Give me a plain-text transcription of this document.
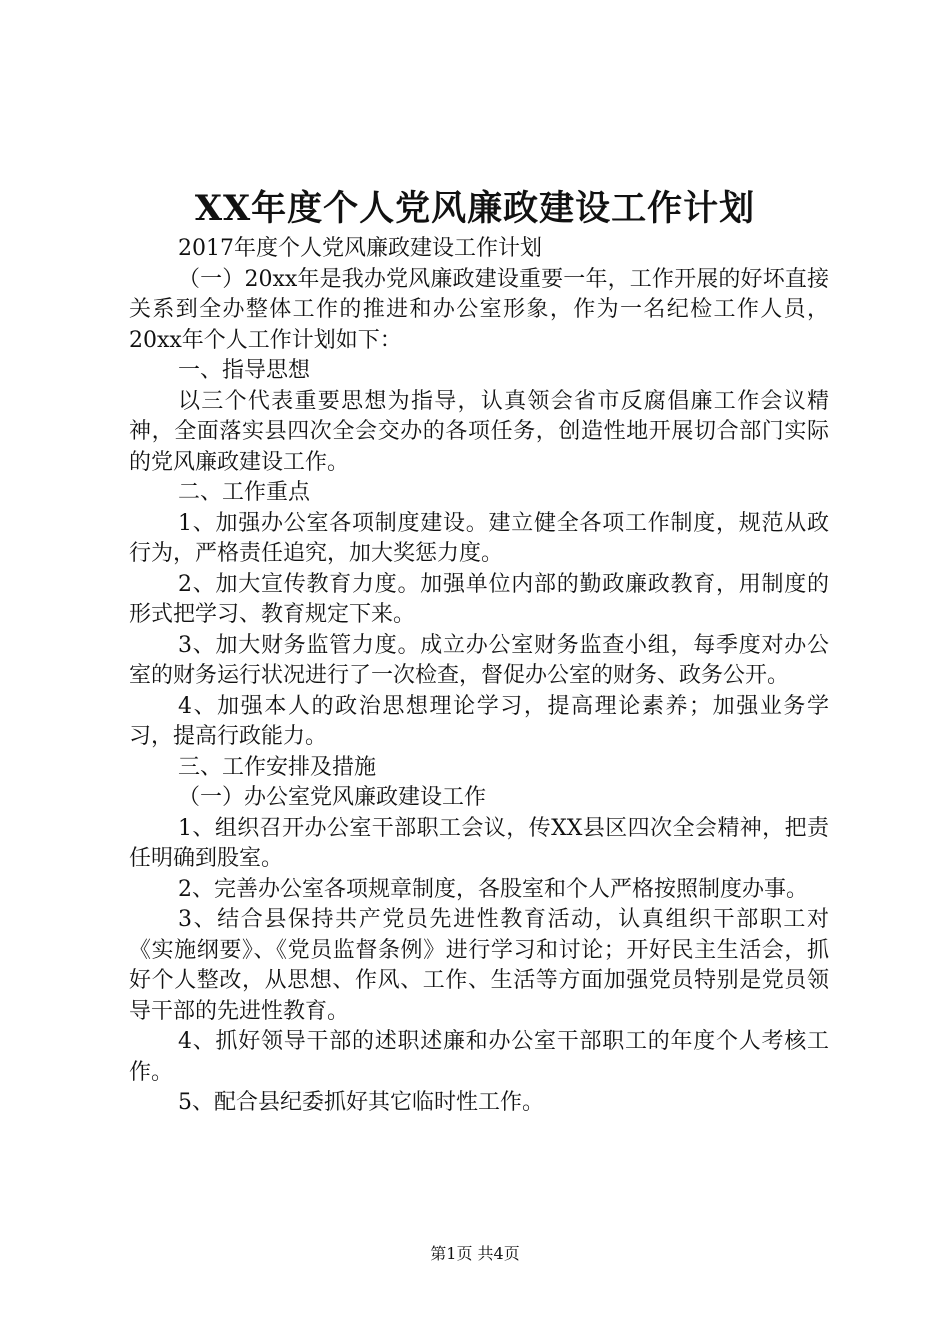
XX年度个人党风廉政建设工作计划

2017年度个人党风廉政建设工作计划

（一）20xx年是我办党风廉政建设重要一年，工作开展的好坏直接关系到全办整体工作的推进和办公室形象，作为一名纪检工作人员，20xx年个人工作计划如下：

一、指导思想

以三个代表重要思想为指导，认真领会省市反腐倡廉工作会议精神，全面落实县四次全会交办的各项任务，创造性地开展切合部门实际的党风廉政建设工作。

二、工作重点

1、加强办公室各项制度建设。建立健全各项工作制度，规范从政行为，严格责任追究，加大奖惩力度。

2、加大宣传教育力度。加强单位内部的勤政廉政教育，用制度的形式把学习、教育规定下来。

3、加大财务监管力度。成立办公室财务监查小组，每季度对办公室的财务运行状况进行了一次检查，督促办公室的财务、政务公开。

4、加强本人的政治思想理论学习，提高理论素养；加强业务学习，提高行政能力。

三、工作安排及措施

（一）办公室党风廉政建设工作

1、组织召开办公室干部职工会议，传XX县区四次全会精神，把责任明确到股室。

2、完善办公室各项规章制度，各股室和个人严格按照制度办事。

3、结合县保持共产党员先进性教育活动，认真组织干部职工对《实施纲要》、《党员监督条例》进行学习和讨论；开好民主生活会，抓好个人整改，从思想、作风、工作、生活等方面加强党员特别是党员领导干部的先进性教育。

4、抓好领导干部的述职述廉和办公室干部职工的年度个人考核工作。

5、配合县纪委抓好其它临时性工作。

第1页 共4页
